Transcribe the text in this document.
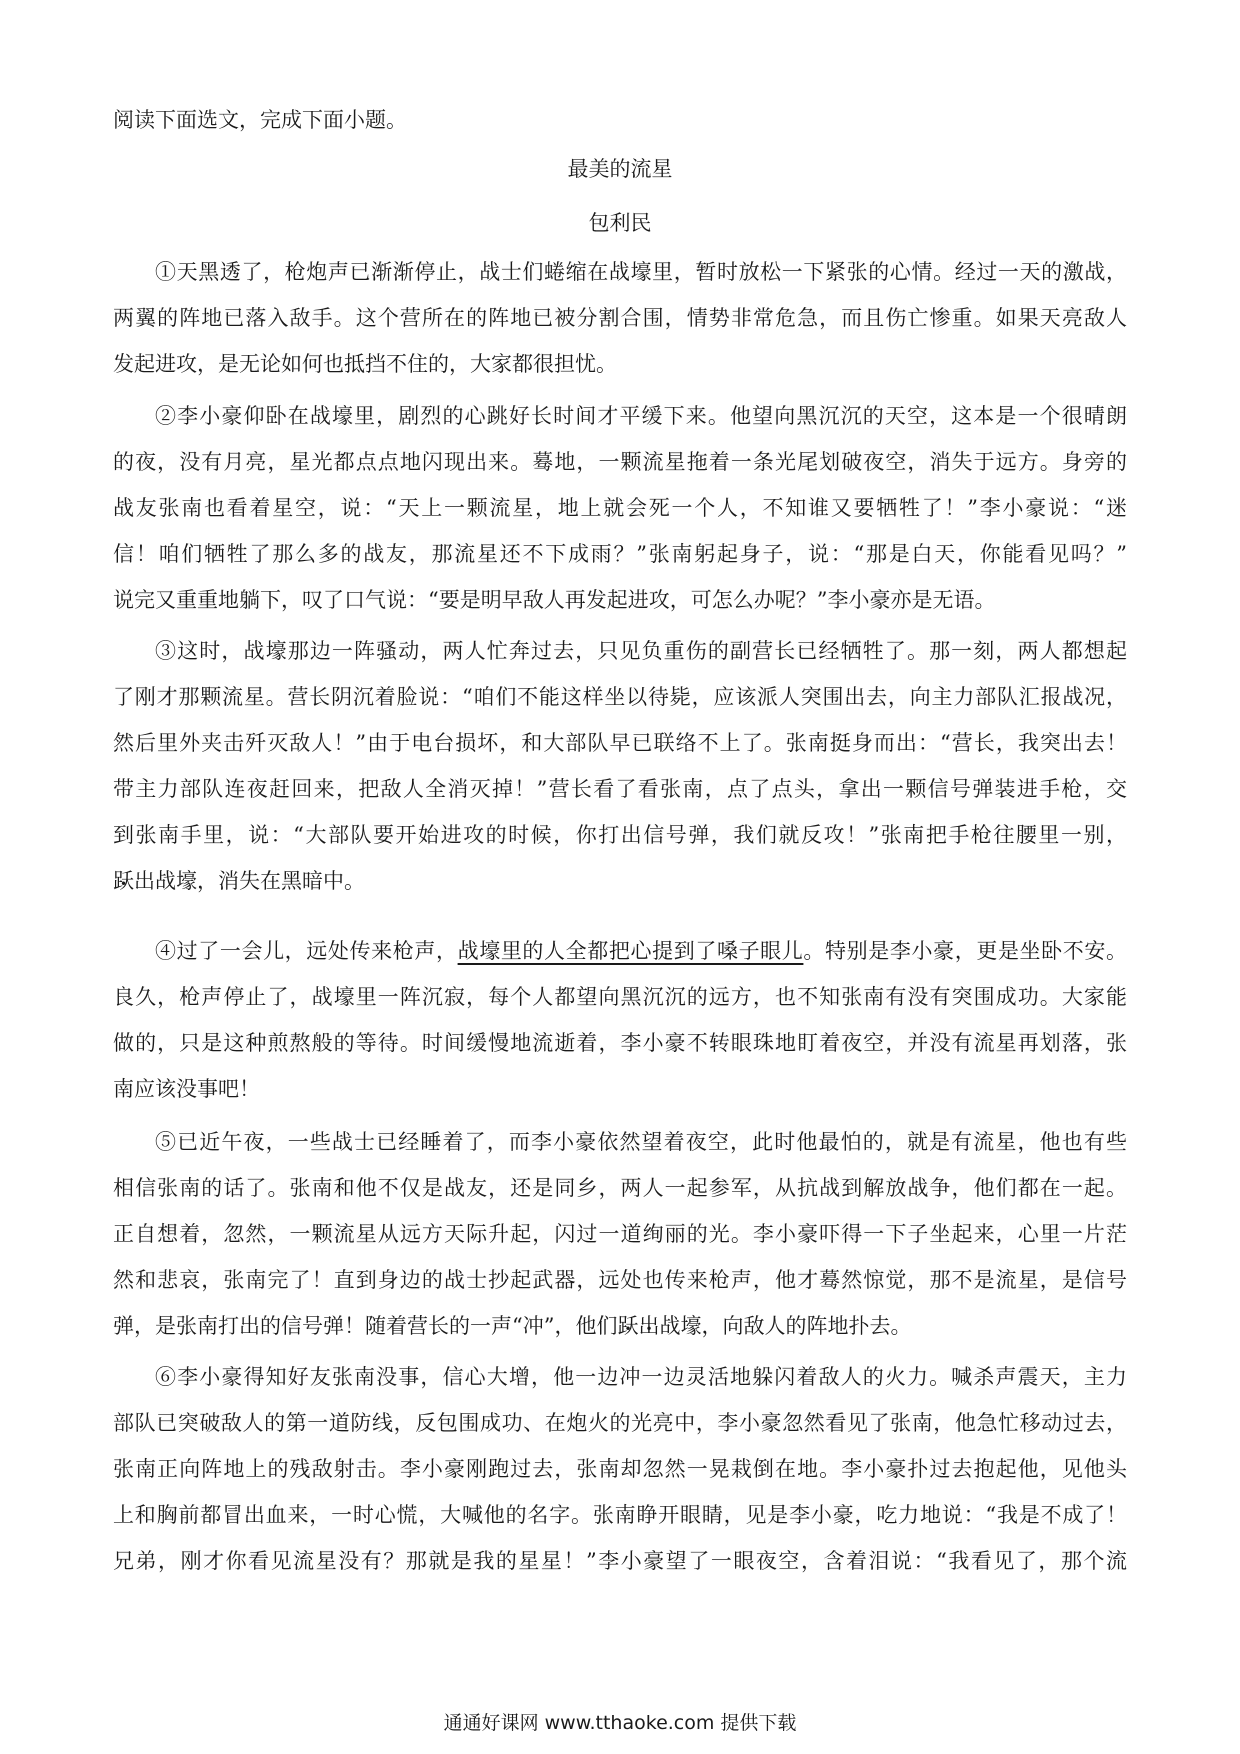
阅读下面选文，完成下面小题。
最美的流星
包利民
①天黑透了，枪炮声已渐渐停止，战士们蜷缩在战壕里，暂时放松一下紧张的心情。经过一天的激战，
两翼的阵地已落入敌手。这个营所在的阵地已被分割合围，情势非常危急，而且伤亡惨重。如果天亮敌人
发起进攻，是无论如何也抵挡不住的，大家都很担忧。
②李小豪仰卧在战壕里，剧烈的心跳好长时间才平缓下来。他望向黑沉沉的天空，这本是一个很晴朗
的夜，没有月亮，星光都点点地闪现出来。蓦地，一颗流星拖着一条光尾划破夜空，消失于远方。身旁的
战友张南也看着星空，说：“天上一颗流星，地上就会死一个人，不知谁又要牺牲了！”李小豪说：“迷
信！咱们牺牲了那么多的战友，那流星还不下成雨？”张南躬起身子，说：“那是白天，你能看见吗？”
说完又重重地躺下，叹了口气说：“要是明早敌人再发起进攻，可怎么办呢？”李小豪亦是无语。
③这时，战壕那边一阵骚动，两人忙奔过去，只见负重伤的副营长已经牺牲了。那一刻，两人都想起
了刚才那颗流星。营长阴沉着脸说：“咱们不能这样坐以待毙，应该派人突围出去，向主力部队汇报战况，
然后里外夹击歼灭敌人！”由于电台损坏，和大部队早已联络不上了。张南挺身而出：“营长，我突出去！
带主力部队连夜赶回来，把敌人全消灭掉！”营长看了看张南，点了点头，拿出一颗信号弹装进手枪，交
到张南手里，说：“大部队要开始进攻的时候，你打出信号弹，我们就反攻！”张南把手枪往腰里一别，
跃 •出战壕，消失在黑暗中。
④过了一会儿，远处传来枪声，战壕里的人全都把心提到了嗓子眼儿。特别是李小豪，更是坐卧不安。
良久，枪声停止了，战壕里一阵沉寂，每个人都望向黑沉沉的远方，也不知张南有没有突围成功。大家能
做的，只是这种煎熬般的等待。时间缓慢地流逝着，李小豪不转眼珠地盯着夜空，并没有流星再划落，张
南应该没事吧！
⑤已近午夜，一些战士已经睡着了，而李小豪依然望着夜空，此时他最怕的，就是有流星，他也有些
相信张南的话了。张南和他不仅是战友，还是同乡，两人一起参军，从抗战到解放战争，他们都在一起。
正自想着，忽然，一颗流星从远方天际升起，闪过一道绚丽的光。李小豪吓得一下子坐起来，心里一片茫
然和悲哀，张南完了！直到身边的战士抄起武器，远处也传来枪声，他才蓦然惊觉，那不是流星，是信号
弹，是张南打出的信号弹！随着营长的一声“冲”，他们跃 •出 •战壕，向敌人的阵地扑去。
⑥李小豪得知好友张南没事，信心大增，他一边冲一边灵活地躲闪着敌人的火力。喊杀声震天，主力
部队已突破敌人的第一道防线，反包围成功、在炮火的光亮中，李小豪忽然看见了张南，他急忙移动过去，
张南正向阵地上的残敌射击。李小豪刚跑过去，张南却忽然一晃栽倒在地。李小豪扑过去抱起他，见他头
上和胸前都冒出血来，一时心慌，大喊他的名字。张南睁开眼睛，见是李小豪，吃力地说：“我是不成了！
兄弟，刚才你看见流星没有？那就是我的星星！”李小豪望了一眼夜空，含着泪说：“我看见了，那个流
通通好课网 www.tthaoke.com 提供下载
